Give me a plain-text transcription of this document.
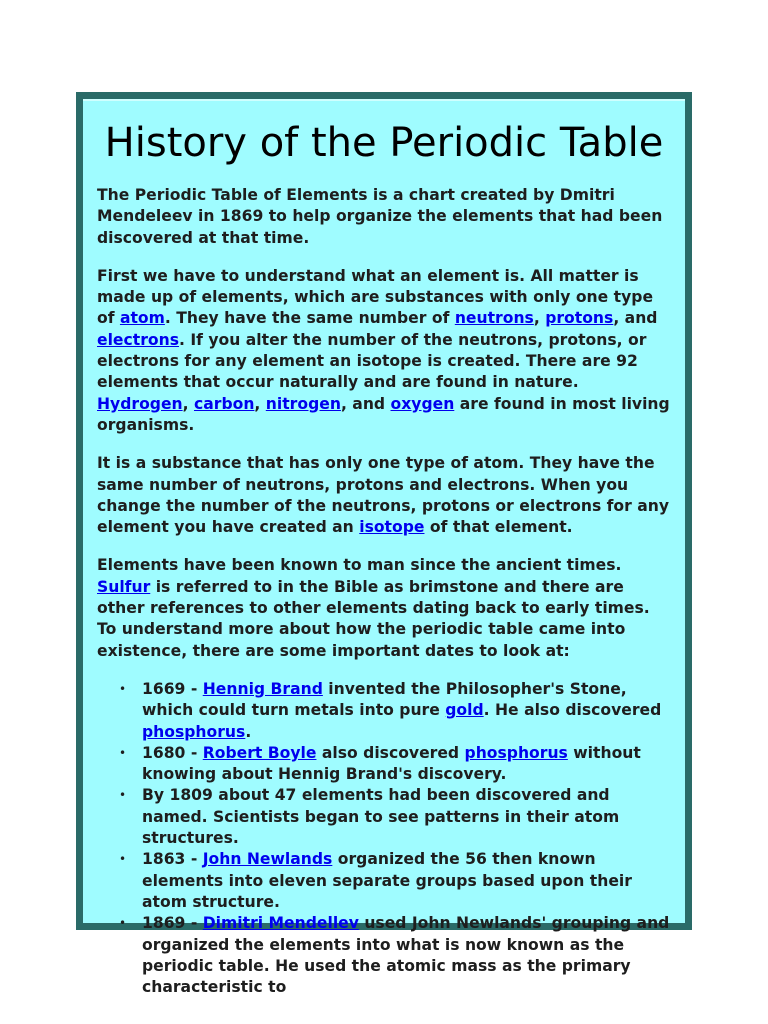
History of the Periodic Table

The Periodic Table of Elements is a chart created by Dmitri Mendeleev in 1869 to help organize the elements that had been discovered at that time.

First we have to understand what an element is. All matter is made up of elements, which are substances with only one type of atom. They have the same number of neutrons, protons, and electrons. If you alter the number of the neutrons, protons, or electrons for any element an isotope is created. There are 92 elements that occur naturally and are found in nature. Hydrogen, carbon, nitrogen, and oxygen are found in most living organisms.

It is a substance that has only one type of atom. They have the same number of neutrons, protons and electrons. When you change the number of the neutrons, protons or electrons for any element you have created an isotope of that element.

Elements have been known to man since the ancient times. Sulfur is referred to in the Bible as brimstone and there are other references to other elements dating back to early times. To understand more about how the periodic table came into existence, there are some important dates to look at:

• 1669 - Hennig Brand invented the Philosopher's Stone, which could turn metals into pure gold. He also discovered phosphorus.
• 1680 - Robert Boyle also discovered phosphorus without knowing about Hennig Brand's discovery.
• By 1809 about 47 elements had been discovered and named. Scientists began to see patterns in their atom structures.
• 1863 - John Newlands organized the 56 then known elements into eleven separate groups based upon their atom structure.
• 1869 - Dimitri Mendellev used John Newlands' grouping and organized the elements into what is now known as the periodic table. He used the atomic mass as the primary characteristic to
